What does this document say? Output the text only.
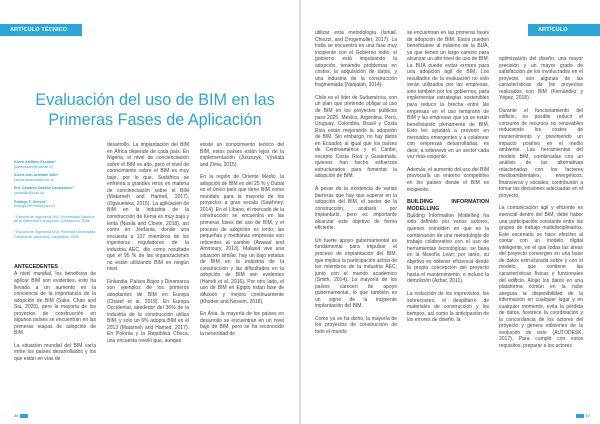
ARTÍCULO TÉCNICO
Evaluación del uso de BIM en las Primeras Fases de Aplicación
Karen Arellano Escobar¹
(karenlitarel@hotmail.cl)
Alexis Iván Andrade Valle¹
(alexis.andrade@ucsc.cl)
Eric Oswaldo Castillo Campanario¹
(ecastillo@ucsc.cl)
Rodrigo F. Herrera²
(rodrigo.herrera@pucv.cl)
¹ Escuela de Ingeniería Civil, Universidad Católica de la Santísima Concepción, Concepción, Chile
² Escuela de Ingeniería Civil, Pontificia Universidad Católica de Valparaíso, Valparaíso, Chile
ANTECEDENTES

A nivel mundial, los beneficios de aplicar BIM son evidentes, esto ha llevado a un aumento en la conciencia de la importancia de la adopción de BIM (Saka, Chan and Siu, 2020), pero la mayoría de los proyectos de construcción en algunos países se encuentran en las primeras etapas de adopción de BIM.

La situación mundial del BIM varía entre los países desarrollados y los que están en vías de

desarrollo. La implantación del BIM en África depende de cada país. En Nigeria, el nivel de concienciación sobre el BIM es alto, pero el nivel de conocimiento sobre el BIM es muy bajo, por lo que, Sudáfrica se enfrenta a grandes retos en materia de concienciación sobre el BIM (Matarneh and Hamed, 2017), (Ogwueleka, 2015). La aplicación de BIM en la industria de la construcción de Kenia es muy baja y lenta (Nasila and Cloete, 2018), así como en Jordania, donde una encuesta a 137 miembros de los ingenieros reguladores de la industria AEC, dio como resultado que el 95 % de las organizaciones no están utilizando BIM en ningún nivel.

Finlandia, Países Bajos y Dinamarca son ejemplos de los primeros adoptantes de BIM en Europa (Charef et al. 2019). En Europa Occidental, alrededor del 36% de la industria de la construcción utiliza BIM, y solo un 6% adopta BIM en el 2013 (Matarneh and Hamed, 2017). En Polonia y la República Checa, una encuesta reveló que, aunque

existe un conocimiento teórico del BIM, estos países están lejos de la implementación (Juszczyk, Výskala and Zima, 2015).

En la región de Oriente Medio, la adopción de BIM es del 25 % y Dubái es el único país que tiene BIM como mandato para la mayoría de los proyectos a gran escala (Sawhney, 2014). En el Líbano, el mercado de la construcción se encuentra en las primeras fases del uso de BIM, y el proceso de adopción es lento; las pequeñas y medianas empresas son reticentes al cambio (Awwad and Ammoury, 2013). Malasia vive una situación similar, hay un bajo estatus de BIM en la industria de la construcción y las dificultades en la adopción de BIM son evidentes (Hamdi et al. 2016). Por otro lado, el uso de BIM en Egipto están fase de difusión y mejora continuamente (Khodeir and Nessim, 2018).

En Asia, la mayoría de los países en desarrollo se encuentran en un nivel bajo de BIM, pero se ha reconocido la necesidad de

26
ARTÍCULO TÉCNICO

utilizar esta metodología (Ismail, Chiozzi, and Drogemuller, 2017). La India se encuentra en una fase muy incipiente con el Gobierno indio, el gobierno está impulsando la adopción, teniendo problemas en costos, la adquisición de datos, y una industria de la construcción fragmentada (Nanjaiah, 2014).

Chile es el líder de Sudamérica, con un plan que pretende obligar al uso de BIM en los proyectos públicos para 2025. México, Argentina, Perú, Uruguay, Colombia, Brasil y Costa Rica están mejorando la adopción de BIM. Sin embargo, no hay datos en Ecuador, al igual que los países de Centroamérica y el Caribe, excepto Costa Rica y Guatemala, quienes han hecho esfuerzos estructurados para fomentar la adopción de BIM.

A pesar de la existencia de varias barreras que hay que superar en la adopción del BIM, el sector de la construcción, acabará por implantarlo, pero es importante alcanzar este objetivo de forma eficiente.

Un fuerte apoyo gubernamental es fundamental para impulsar el proceso de implantación del BIM, que implica la participación activa de los miembros de la industria AEC, junto con el mundo académico (Smith, 2014). La mayoría de los países carecen de apoyo gubernamental, lo que también es un signo de la incipiente implantación del BIM.

Como ya se ha dicho, la mayoría de los proyectos de construcción de todo el mundo

se encuentran en las primeras fases de adopción de BIM. Estos pueden beneficiarse al máximo de la BUA, ya que tienen un largo camino para alcanzar un alto nivel de uso de BIM. La BUA puede evitar errores para una adopción ágil de BIM. Los resultados de la evaluación no solo serán utilizados por las empresas, sino también por los gobiernos, para implementar estrategias sostenibles para reducir la brecha entre las empresas en el uso temprano de BIM y las empresas que ya se están beneficiando plenamente de BIM. Esto les ayudará a prevenir en mercados emergentes y a colaborar con empresas desarrolladas, es decir, a sobrevivir en un sector cada vez más exigente.

Además, el aumento del uso del BIM provocaría un entorno competitivo en los países donde el BIM es incipiente.

BUILDING INFORMATION MODELLING

Building Information Modelling ha sido definido por varios autores, quienes coinciden en que es la combinación de una metodología de trabajo colaborativo con el uso de herramientas tecnológicas, se basa en la filosofía Lean; por tanto, su objetivo es obtener eficiencia desde la propia concepción del proyecto hasta el mantenimiento, e incluso la demolición (Azbar, 2011).

La reducción de los imprevistos, los sobrecostes, el despilfarro de materiales de construcción y los tiempos, así como la anticipación de los errores de diseño, la

optimización del diseño, una mayor precisión y un mayor grado de satisfacción de los involucrados en el proyecto, son algunas de las características de los proyectos realizados con BIM (Fernández y Yépez, 2018).

Durante el funcionamiento del edificio, es posible reducir el consumo de recursos no renovables reduciendo los costes de mantenimiento y previniendo un impacto positivo en el medio ambiente. Las herramientas del modelo BIM, combinadas con un análisis de las alternativas relacionadas con los factores medioambientales, energéticos, financieros y sociales, contribuirán a tomar las decisiones adecuadas en el proyecto.

La comunicación ágil y eficiente es esencial dentro del BIM, debe haber una participación constante entre los grupos de trabajo multidisciplinarios. Este escenario se hace efectivo al contar con un modelo digital inteligente, en el que todas las áreas del proyecto convergen en una base de datos estructurada sobre y con el modelo, que contiene las características físicas y funcionales del edificio. Alojar los datos en una plataforma común en la nube asegura la disponibilidad de la información en cualquier lugar y en cualquier momento, evita la pérdida de datos, favorece la coordinación y la concordancia de los actores del proyecto y genera ediciones de la evolución de este (AUTODESK, 2017). Para cumplir con estos requisitos, preparar a los actores

27
